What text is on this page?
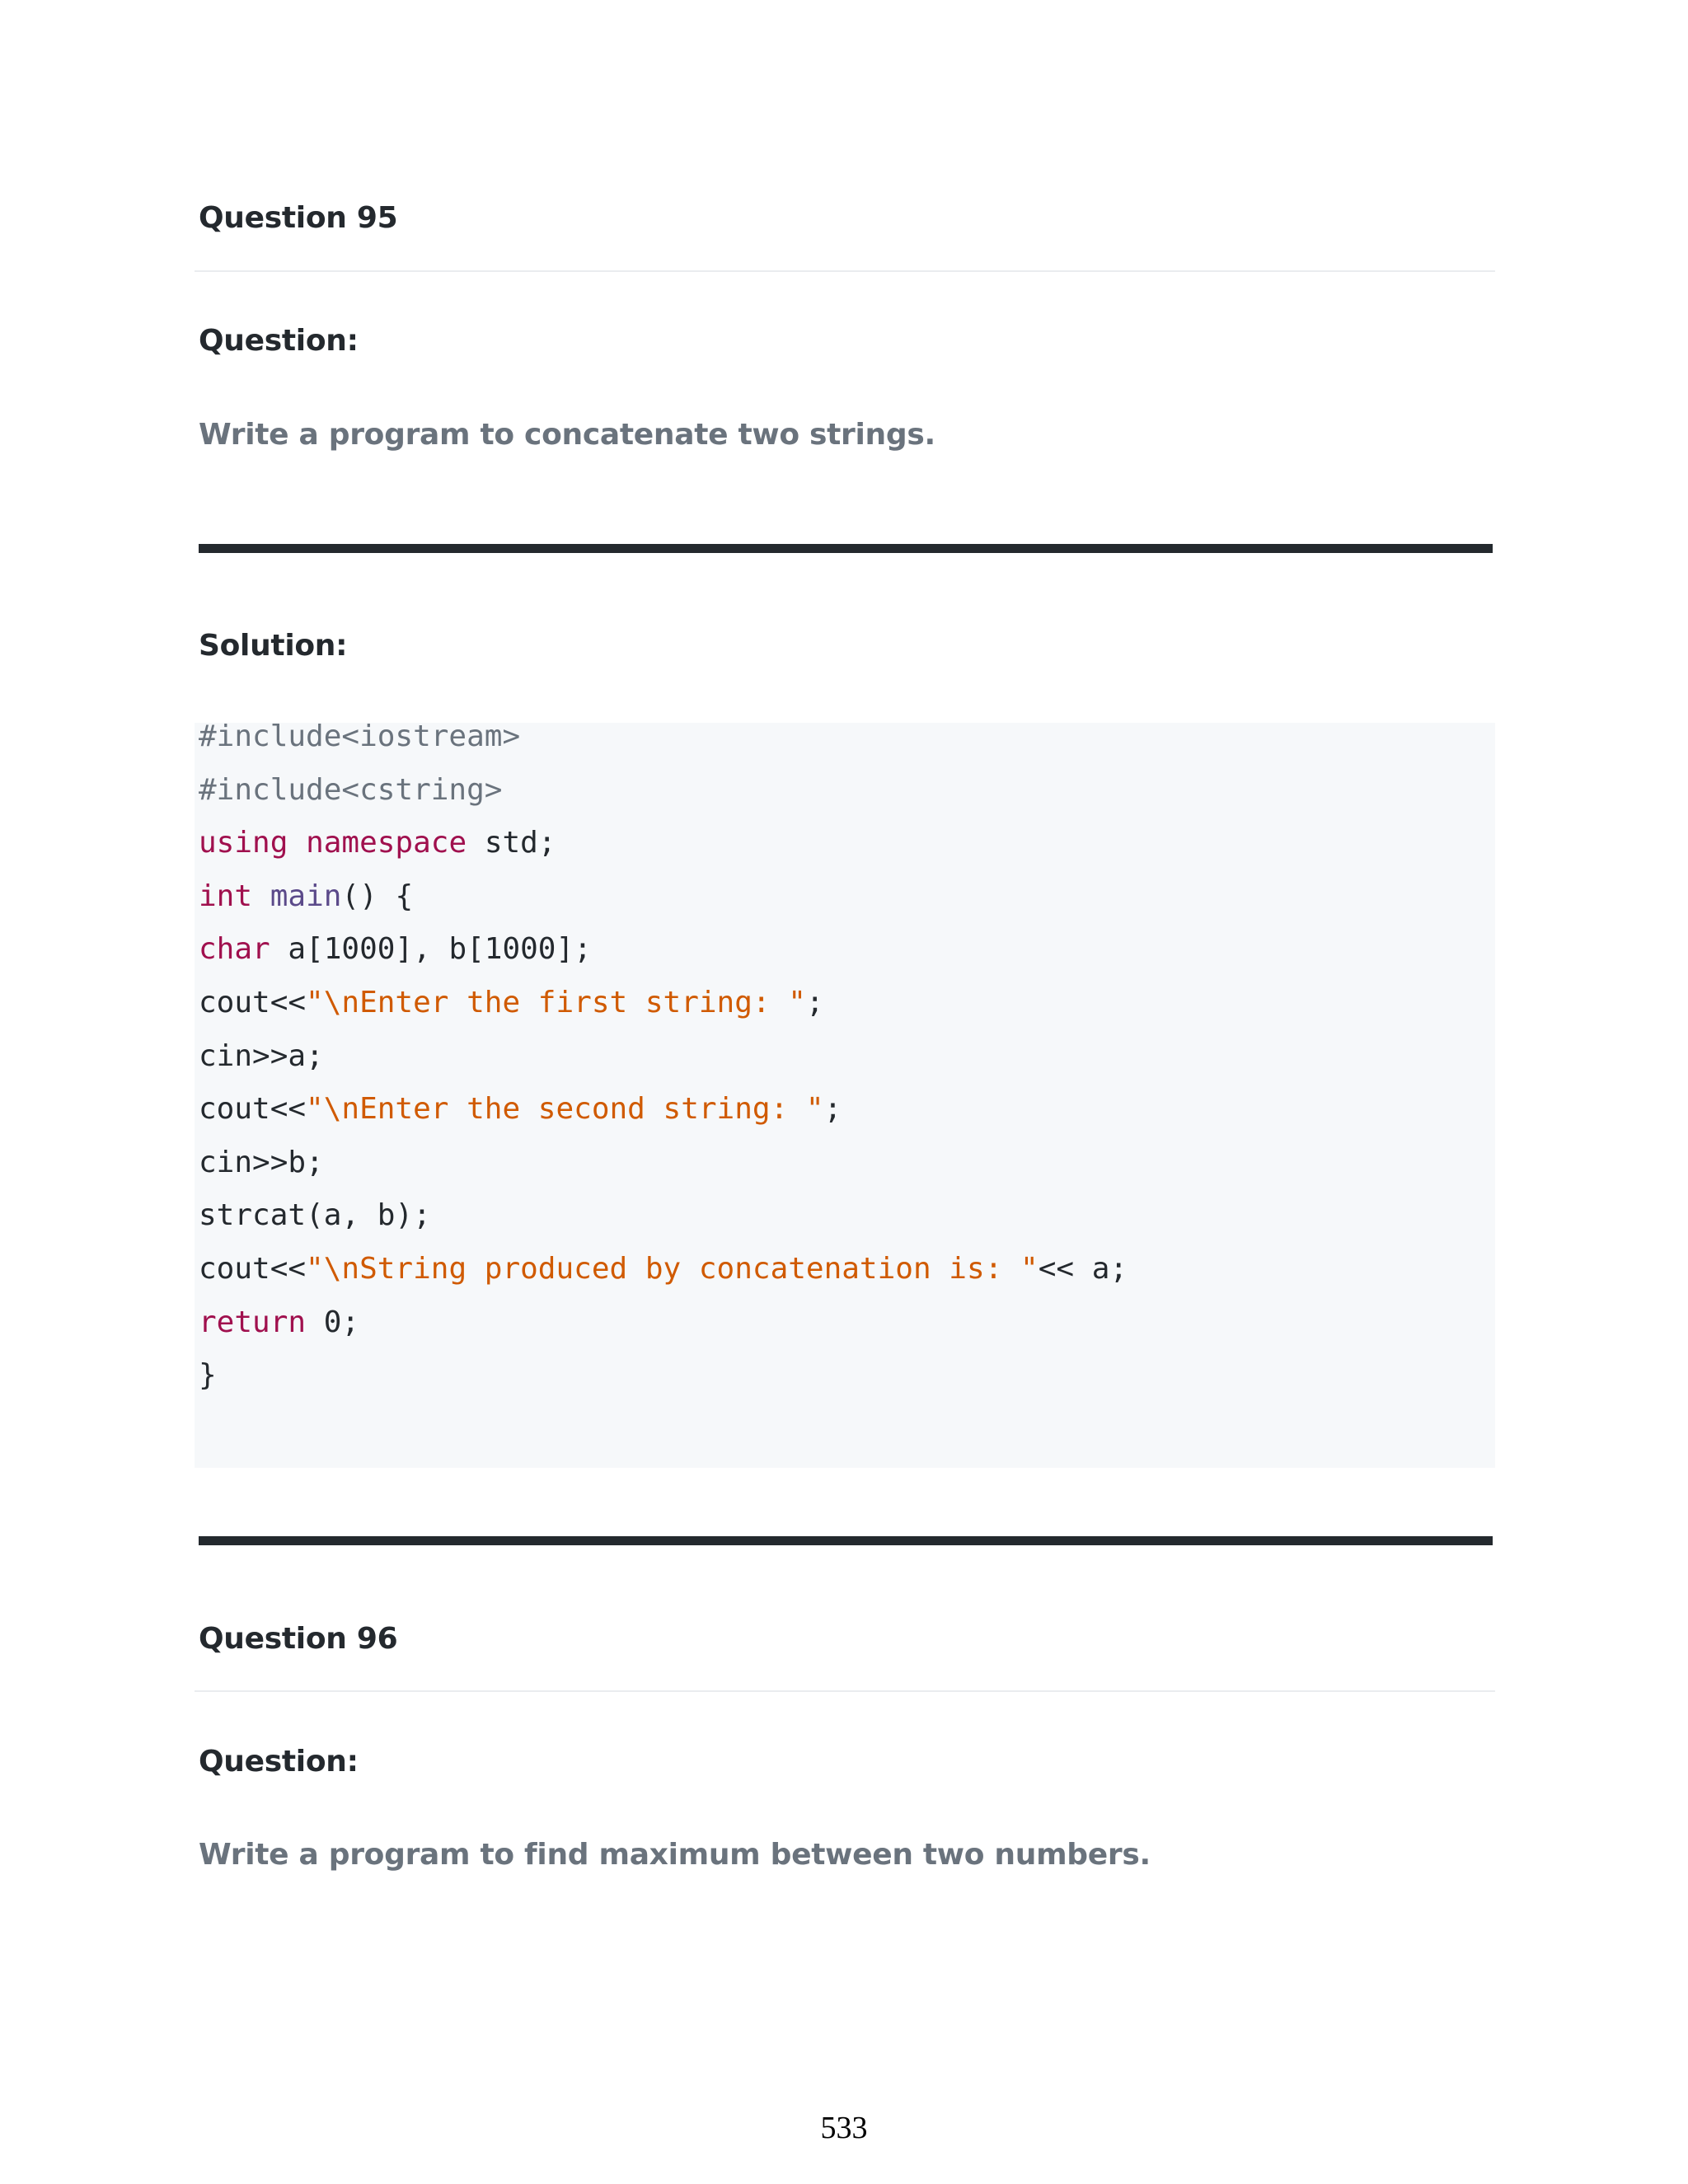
Question 95
Question:

Write a program to concatenate two strings.

Solution:
#include<iostream>
#include<cstring>
using namespace std;
int main() {
char a[1000], b[1000];
cout<<"\nEnter the first string: ";
cin>>a;
cout<<"\nEnter the second string: ";
cin>>b;
strcat(a, b);
cout<<"\nString produced by concatenation is: "<< a;
return 0;
}
Question 96
Question:

Write a program to find maximum between two numbers.

533
